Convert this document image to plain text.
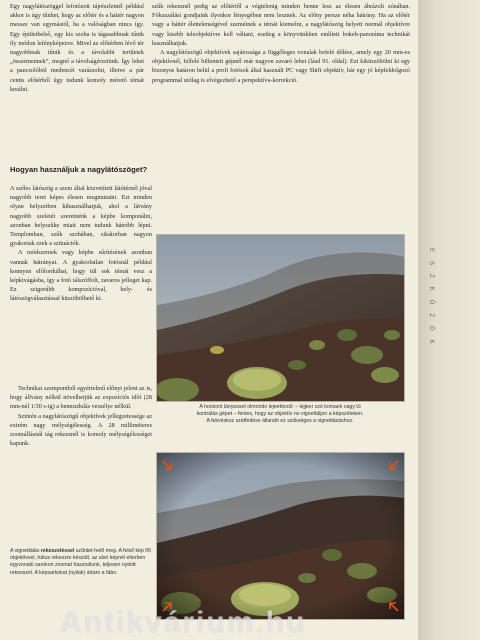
ESZKÖZÖK

Egy nagylátószöggel lefotózott tájrészletnél például akkor is úgy tűnhet, hogy az előtér és a háttér nagyon messze van egymástól, ha a valóságban nincs így. Egy épületbelső, egy kis szoba is tágasabbnak tűnik ily módon lefényképezve. Mivel az előtérben lévő tér nagyobbnak tűnik és a távolabbi területek „összemennek”, megnő a távolságérzetünk. Így lehet a pancsolóból medencét varázsolni, illetve a pár centis előtérből úgy tudunk komoly mérető témát kreálni.

szűk rekesznél pedig az előtértől a végtelenig minden benne lesz az élesen ábrázolt zónában. Fókuszálási gondjaink ilyenkor lényegében nem lesznek. Az előny persze néha hátrány. Ha az előtér vagy a háttér élettelenségével szeméinek a témát kiemelni, a nagylátószög helyett normál objektívre vagy kisebb teleobjektívre kell váltani, esetleg a könyvünkben említett bokeh-panoráma technikát használhatjuk.

A nagylátószögű objektívek sajátossága a függőleges vonalak befelé dőlése, amely egy 20 mm-es objektívnél, felfelé billentett gépnél már nagyon zavaró lehet (lásd 91. oldal). Ezt kiküszöbölni ki egy bizonyos határon belül a profi fotósok által használt PC vagy Shift objektív, bár egy jó képfeldolgozó programmal utólag is elvégezhető a perspektíva-korrekció.

Hogyan használjuk a nagylátószöget?

A széles látószög a szem által közvetített látótérnél jóval nagyobb teret képes élesen megmutatni. Ezt minden olyan helyzetben kihasználhatjuk, ahol a látvány nagyobb szeletét szeretnénk a képbe komponálni, azonban helyszűke miatt nem tudunk hátrébb lépni. Templomban, szűk szobában, sikátorban nagyon gyakoriak ezek a szituációk.

A módszernek vagy képbe sűrítésének azonban vannak hátrányai. A gyakorlatlan fotósnál például konnyen előfordulhat, hogy túl sok témát vesz a képkivágásba, így a fotó tálszóffolt, zavaros jelleget kap. Ez szigorúbb kompozícióval, hely- és látószögválasztással küszöbölhető ki.

Technikai szempontból egyértelmű előnyt jelent az is, hogy állvány nélkül növelhetjük az expozíciós időt (28 mm-nél 1/30 s-ig) a bemozdulás veszélye nélkül.

Szintén a nagylátószögű objektívek jellegzetessége az extrém nagy mélységélesség. A 28 milliméteres zoomállásnál tág rekesznél is komoly mélységélességet kapunk.

A horizont lányosset olmondo lejeetteoól: – lejjeer szó komaek vagy tú
kontrálás gépet – fentes, hogy az objektív no vignettáljon a képszéleken.
A fekvéskoz szétfedése állandó ez szükséges a vignettázáshoz.
A vignettálás rekeszeléssel szűntet-hető meg. A felső kép f/6 objektívvel, hátus rekeszre készült, az alsó képnél elterben egyvonalú sarokon zoomat használunk, teljesen nyitott rekesszel. A képsarkokat (nyilak) ártaro a fábo.
Antikvárium.hu
